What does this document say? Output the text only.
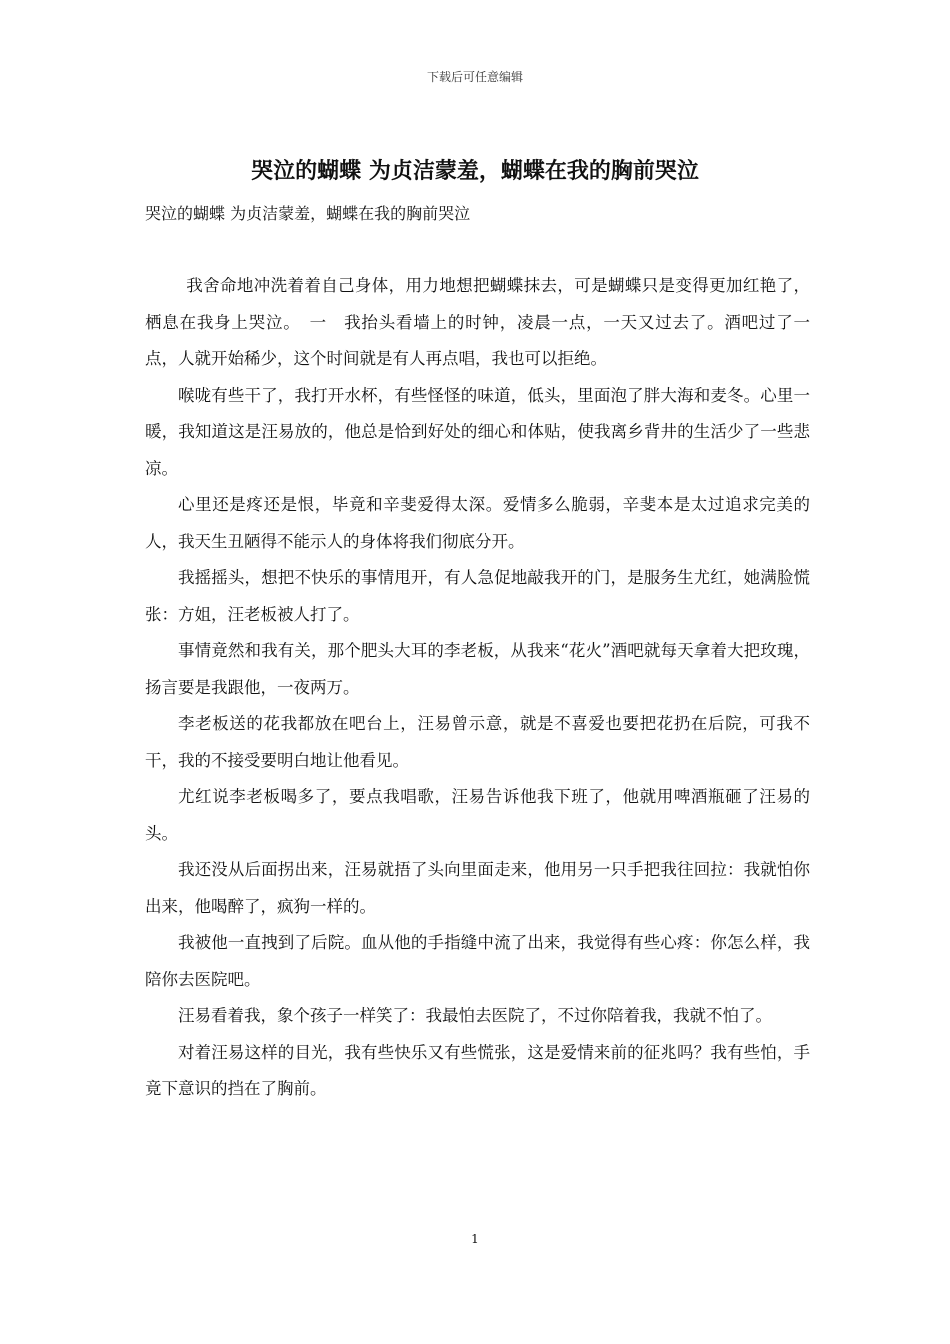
下载后可任意编辑
哭泣的蝴蝶 为贞洁蒙羞，蝴蝶在我的胸前哭泣

哭泣的蝴蝶 为贞洁蒙羞，蝴蝶在我的胸前哭泣

我舍命地冲洗着着自己身体，用力地想把蝴蝶抹去，可是蝴蝶只是变得更加红艳了，栖息在我身上哭泣。　一　我抬头看墙上的时钟，凌晨一点，一天又过去了。酒吧过了一点，人就开始稀少，这个时间就是有人再点唱，我也可以拒绝。

喉咙有些干了，我打开水杯，有些怪怪的味道，低头，里面泡了胖大海和麦冬。心里一暖，我知道这是汪易放的，他总是恰到好处的细心和体贴，使我离乡背井的生活少了一些悲凉。

心里还是疼还是恨，毕竟和辛斐爱得太深。爱情多么脆弱，辛斐本是太过追求完美的人，我天生丑陋得不能示人的身体将我们彻底分开。

我摇摇头，想把不快乐的事情甩开，有人急促地敲我开的门，是服务生尤红，她满脸慌张：方姐，汪老板被人打了。

事情竟然和我有关，那个肥头大耳的李老板，从我来“花火”酒吧就每天拿着大把玫瑰，扬言要是我跟他，一夜两万。

李老板送的花我都放在吧台上，汪易曾示意，就是不喜爱也要把花扔在后院，可我不干，我的不接受要明白地让他看见。

尤红说李老板喝多了，要点我唱歌，汪易告诉他我下班了，他就用啤酒瓶砸了汪易的头。

我还没从后面拐出来，汪易就捂了头向里面走来，他用另一只手把我往回拉：我就怕你出来，他喝醉了，疯狗一样的。

我被他一直拽到了后院。血从他的手指缝中流了出来，我觉得有些心疼：你怎么样，我陪你去医院吧。

汪易看着我，象个孩子一样笑了：我最怕去医院了，不过你陪着我，我就不怕了。

对着汪易这样的目光，我有些快乐又有些慌张，这是爱情来前的征兆吗？我有些怕，手竟下意识的挡在了胸前。

1
